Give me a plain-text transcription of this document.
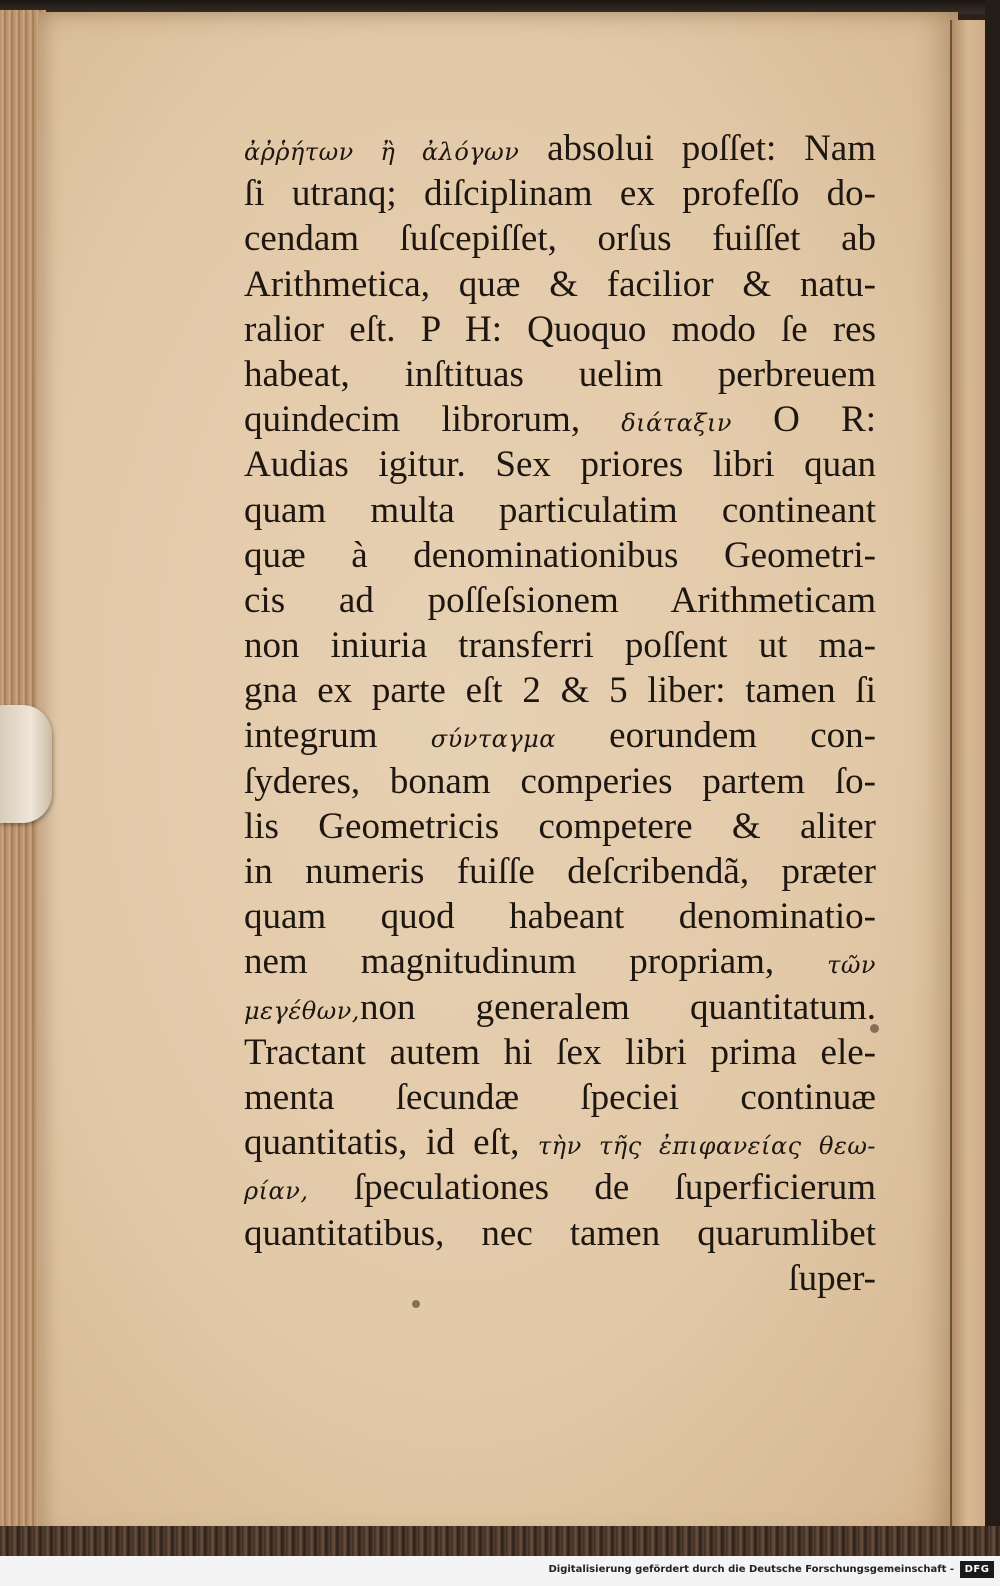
ἀῤῥήτων ἢ ἀλόγων absolui poſſet: Nam
ſi utranq; diſciplinam ex profeſſo do-
cendam ſuſcepiſſet, orſus fuiſſet ab
Arithmetica, quæ & facilior & natu-
ralior eſt. P H: Quoquo modo ſe res
habeat, inſtituas uelim perbreuem
quindecim librorum, διάταξιν O R:
Audias igitur. Sex priores libri quan
quam multa particulatim contineant
quæ à denominationibus Geometri-
cis ad poſſeſsionem Arithmeticam
non iniuria transferri poſſent ut ma-
gna ex parte eſt 2 & 5 liber: tamen ſi
integrum σύνταγμα eorundem con-
ſyderes, bonam comperies partem ſo-
lis Geometricis competere & aliter
in numeris fuiſſe deſcribendã, præter
quam quod habeant denominatio-
nem magnitudinum propriam, τῶν
μεγέθων,non generalem quantitatum.
Tractant autem hi ſex libri prima ele-
menta ſecundæ ſpeciei continuæ
quantitatis, id eſt, τὴν τῆς ἐπιφανείας θεω-
ρίαν, ſpeculationes de ſuperficierum
quantitatibus, nec tamen quarumlibet
ſuper-
Digitalisierung gefördert durch die Deutsche Forschungsgemeinschaft -	DFG
